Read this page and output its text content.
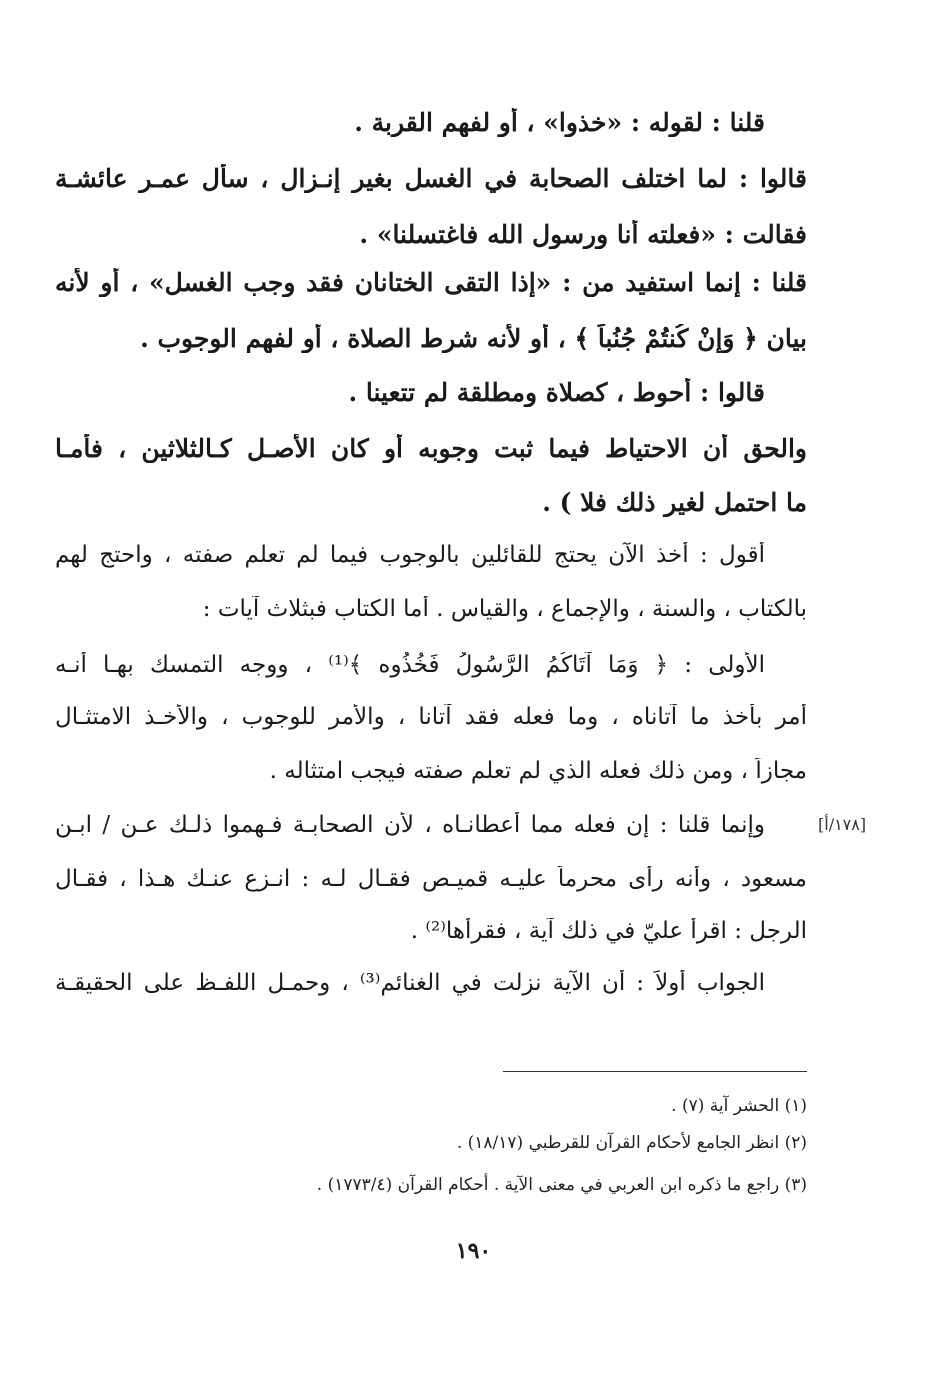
قلنا : لقوله : «خذوا» ، أو لفهم القربة .
قالوا : لما اختلف الصحابة في الغسل بغير إنـزال ، سأل عمـر عائشـة
فقالت : «فعلته أنا ورسول الله فاغتسلنا» .
قلنا : إنما استفيد من : «إذا التقى الختانان فقد وجب الغسل» ، أو لأنه
بيان ﴿ وَإِنْ كُنتُمْ جُنُباً ﴾ ، أو لأنه شرط الصلاة ، أو لفهم الوجوب .
قالوا : أحوط ، كصلاة ومطلقة لم تتعينا .
والحق أن الاحتياط فيما ثبت وجوبه أو كان الأصـل كـالثلاثين ، فأمـا
ما احتمل لغير ذلك فلا ) .
أقول : أخذ الآن يحتج للقائلين بالوجوب فيما لم تعلم صفته ، واحتج لهم
بالكتاب ، والسنة ، والإجماع ، والقياس . أما الكتاب فبثلاث آيات :
الأولى : ﴿ وَمَا آتَاكُمُ الرَّسُولُ فَخُذُوه ﴾⁽¹⁾ ، ووجه التمسك بهـا أنـه
أمر بأخذ ما آتاناه ، وما فعله فقد آتانا ، والأمر للوجوب ، والأخـذ الامتثـال
مجازاً ، ومن ذلك فعله الذي لم تعلم صفته فيجب امتثاله .
[١٧٨/أ]
وإنما قلنا : إن فعله مما أعطانـاه ، لأن الصحابـة فـهموا ذلـك عـن / ابـن
مسعود ، وأنه رأى محرماً عليـه قميـص فقـال لـه : انـزع عنـك هـذا ، فقـال
الرجل : اقرأ عليّ في ذلك آية ، فقرأها⁽²⁾ .
الجواب أولاً : أن الآية نزلت في الغنائم⁽³⁾ ، وحمـل اللفـظ على الحقيقـة
(١) الحشر آية (٧) .
(٢) انظر الجامع لأحكام القرآن للقرطبي (١٨/١٧) .
(٣) راجع ما ذكره ابن العربي في معنى الآية . أحكام القرآن (١٧٧٣/٤) .
١٩٠
